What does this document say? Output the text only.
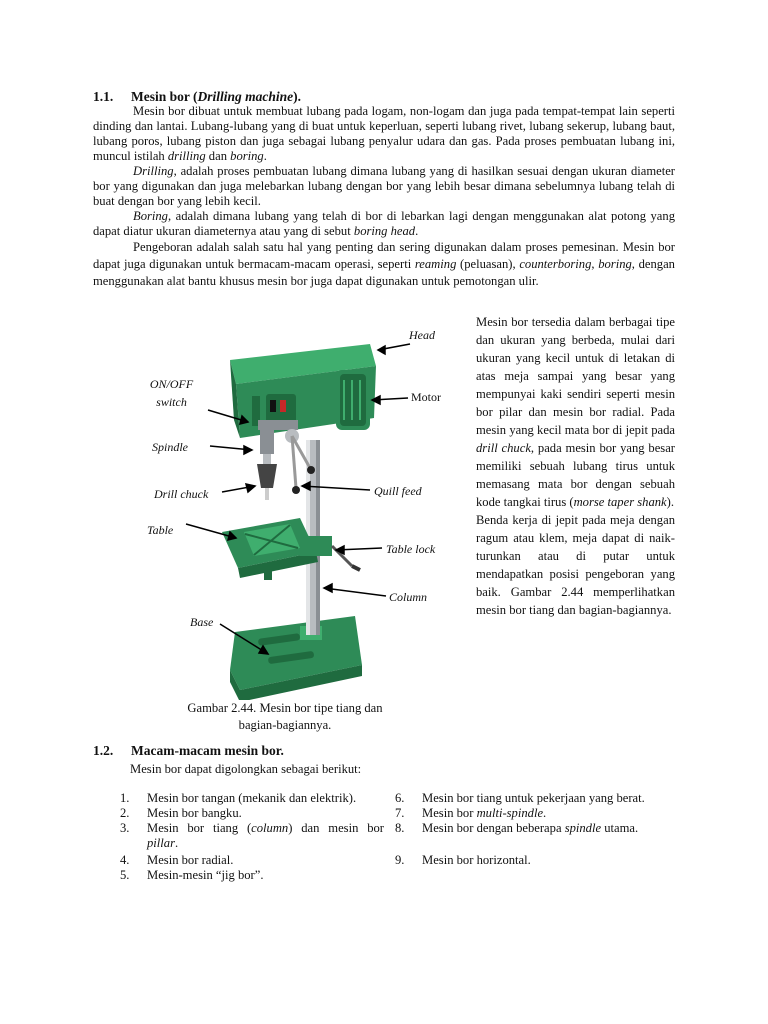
1.1. Mesin bor (Drilling machine).

Mesin bor dibuat untuk membuat lubang pada logam, non-logam dan juga pada tempat-tempat lain seperti dinding dan lantai. Lubang-lubang yang di buat untuk keperluan, seperti lubang rivet, lubang sekerup, lubang baut, lubang poros, lubang piston dan juga sebagai lubang penyalur udara dan gas. Pada proses pembuatan lubang ini, muncul istilah drilling dan boring.

Drilling, adalah proses pembuatan lubang dimana lubang yang di hasilkan sesuai dengan ukuran diameter bor yang digunakan dan juga melebarkan lubang dengan bor yang lebih besar dimana sebelumnya lubang telah di buat dengan bor yang lebih kecil.

Boring, adalah dimana lubang yang telah di bor di lebarkan lagi dengan menggunakan alat potong yang dapat diatur ukuran diameternya atau yang di sebut boring head.

Pengeboran adalah salah satu hal yang penting dan sering digunakan dalam proses pemesinan. Mesin bor dapat juga digunakan untuk bermacam-macam operasi, seperti reaming (peluasan), counterboring, boring, dengan menggunakan alat bantu khusus mesin bor juga dapat digunakan untuk pemotongan ulir.

Mesin bor tersedia dalam berbagai tipe dan ukuran yang berbeda, mulai dari ukuran yang kecil untuk di letakan di atas meja sampai yang besar yang mempunyai kaki sendiri seperti mesin bor pilar dan mesin bor radial. Pada mesin yang kecil mata bor di jepit pada drill chuck, pada mesin bor yang besar memiliki sebuah lubang tirus untuk memasang mata bor dengan sebuah kode tangkai tirus (morse taper shank).

Benda kerja di jepit pada meja dengan ragum atau klem, meja dapat di naik-turunkan atau di putar untuk mendapatkan posisi pengeboran yang baik. Gambar 2.44 memperlihatkan mesin bor tiang dan bagian-bagiannya.

Head
ON/OFF
switch	Motor
Spindle
Drill chuck	Quill feed
Table
Table lock
Column
Base
Gambar 2.44. Mesin bor tipe tiang dan bagian-bagiannya.
1.2. Macam-macam mesin bor.
Mesin bor dapat digolongkan sebagai berikut:
1.	Mesin bor tangan (mekanik dan elektrik).
2.	Mesin bor bangku.
3.	Mesin bor tiang (column) dan mesin bor pillar.
4.	Mesin bor radial.
5.	Mesin-mesin “jig bor”.
6.	Mesin bor tiang untuk pekerjaan yang berat.
7.	Mesin bor multi-spindle.
8.	Mesin bor dengan beberapa spindle utama.
9.	Mesin bor horizontal.
